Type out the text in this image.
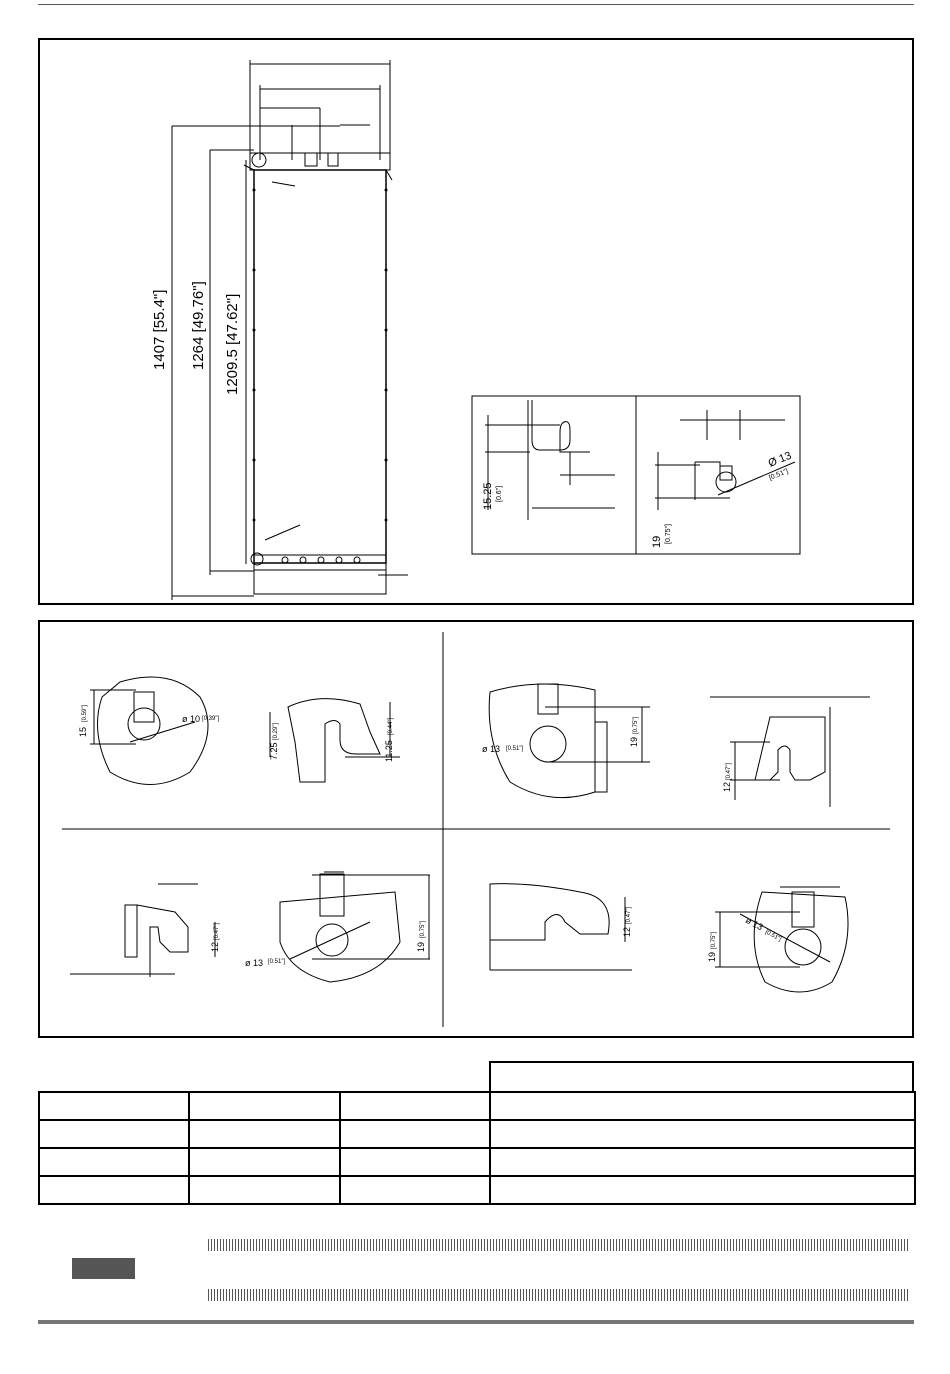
1407 [55.4"] 1264 [49.76"] 1209.5 [47.62"]
15.25 [0.6"]
Ø 13
[0.51"]
19 [0.75"]
15
[0.59"]	ø 10 [0.39"]
7.25
[0.29"]
11.25
[0.44"]
ø 13 [0.51"]
19
[0.75"]
12
[0.47"]
12
[0.47"]
ø 13 [0.51"]
19
[0.75"]	12
[0.47"]	ø 13
[0.51"]
19
[0.75"]
